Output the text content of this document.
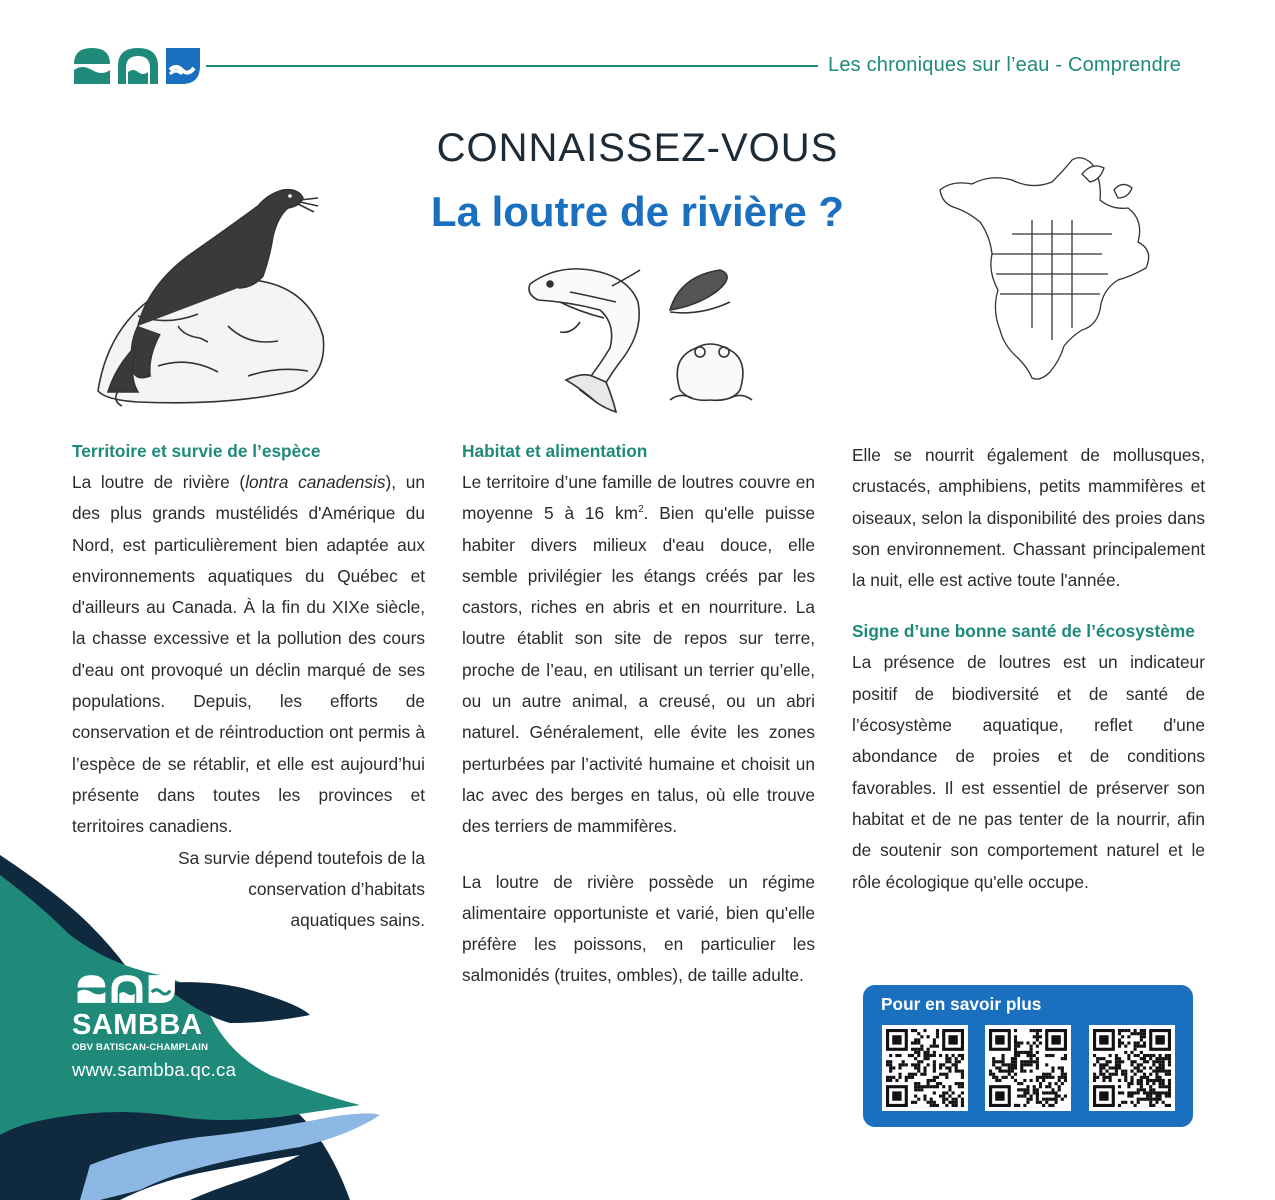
Les chroniques sur l’eau - Comprendre
CONNAISSEZ-VOUS
La loutre de rivière ?
Territoire et survie de l’espèce

La loutre de rivière (lontra canadensis), un des plus grands mustélidés d'Amérique du Nord, est particulièrement bien adaptée aux environnements aquatiques du Québec et d'ailleurs au Canada. À la fin du XIXe siècle, la chasse excessive et la pollution des cours d'eau ont provoqué un déclin marqué de ses populations. Depuis, les efforts de conservation et de réintroduction ont permis à l’espèce de se rétablir, et elle est aujourd’hui présente dans toutes les provinces et territoires canadiens.

Sa survie dépend toutefois de la
conservation d’habitats
aquatiques sains.

Habitat et alimentation

Le territoire d’une famille de loutres couvre en moyenne 5 à 16 $km^2$. Bien qu'elle puisse habiter divers milieux d'eau douce, elle semble privilégier les étangs créés par les castors, riches en abris et en nourriture. La loutre établit son site de repos sur terre, proche de l’eau, en utilisant un terrier qu’elle, ou un autre animal, a creusé, ou un abri naturel. Généralement, elle évite les zones perturbées par l’activité humaine et choisit un lac avec des berges en talus, où elle trouve des terriers de mammifères.

La loutre de rivière possède un régime alimentaire opportuniste et varié, bien qu'elle préfère les poissons, en particulier les salmonidés (truites, ombles), de taille adulte.

Elle se nourrit également de mollusques, crustacés, amphibiens, petits mammifères et oiseaux, selon la disponibilité des proies dans son environnement. Chassant principalement la nuit, elle est active toute l'année.

Signe d’une bonne santé de l’écosystème

La présence de loutres est un indicateur positif de biodiversité et de santé de l’écosystème aquatique, reflet d'une abondance de proies et de conditions favorables. Il est essentiel de préserver son habitat et de ne pas tenter de la nourrir, afin de soutenir son comportement naturel et le rôle écologique qu'elle occupe.

SAMBBA
OBV BATISCAN-CHAMPLAIN
www.sambba.qc.ca
Pour en savoir plus
